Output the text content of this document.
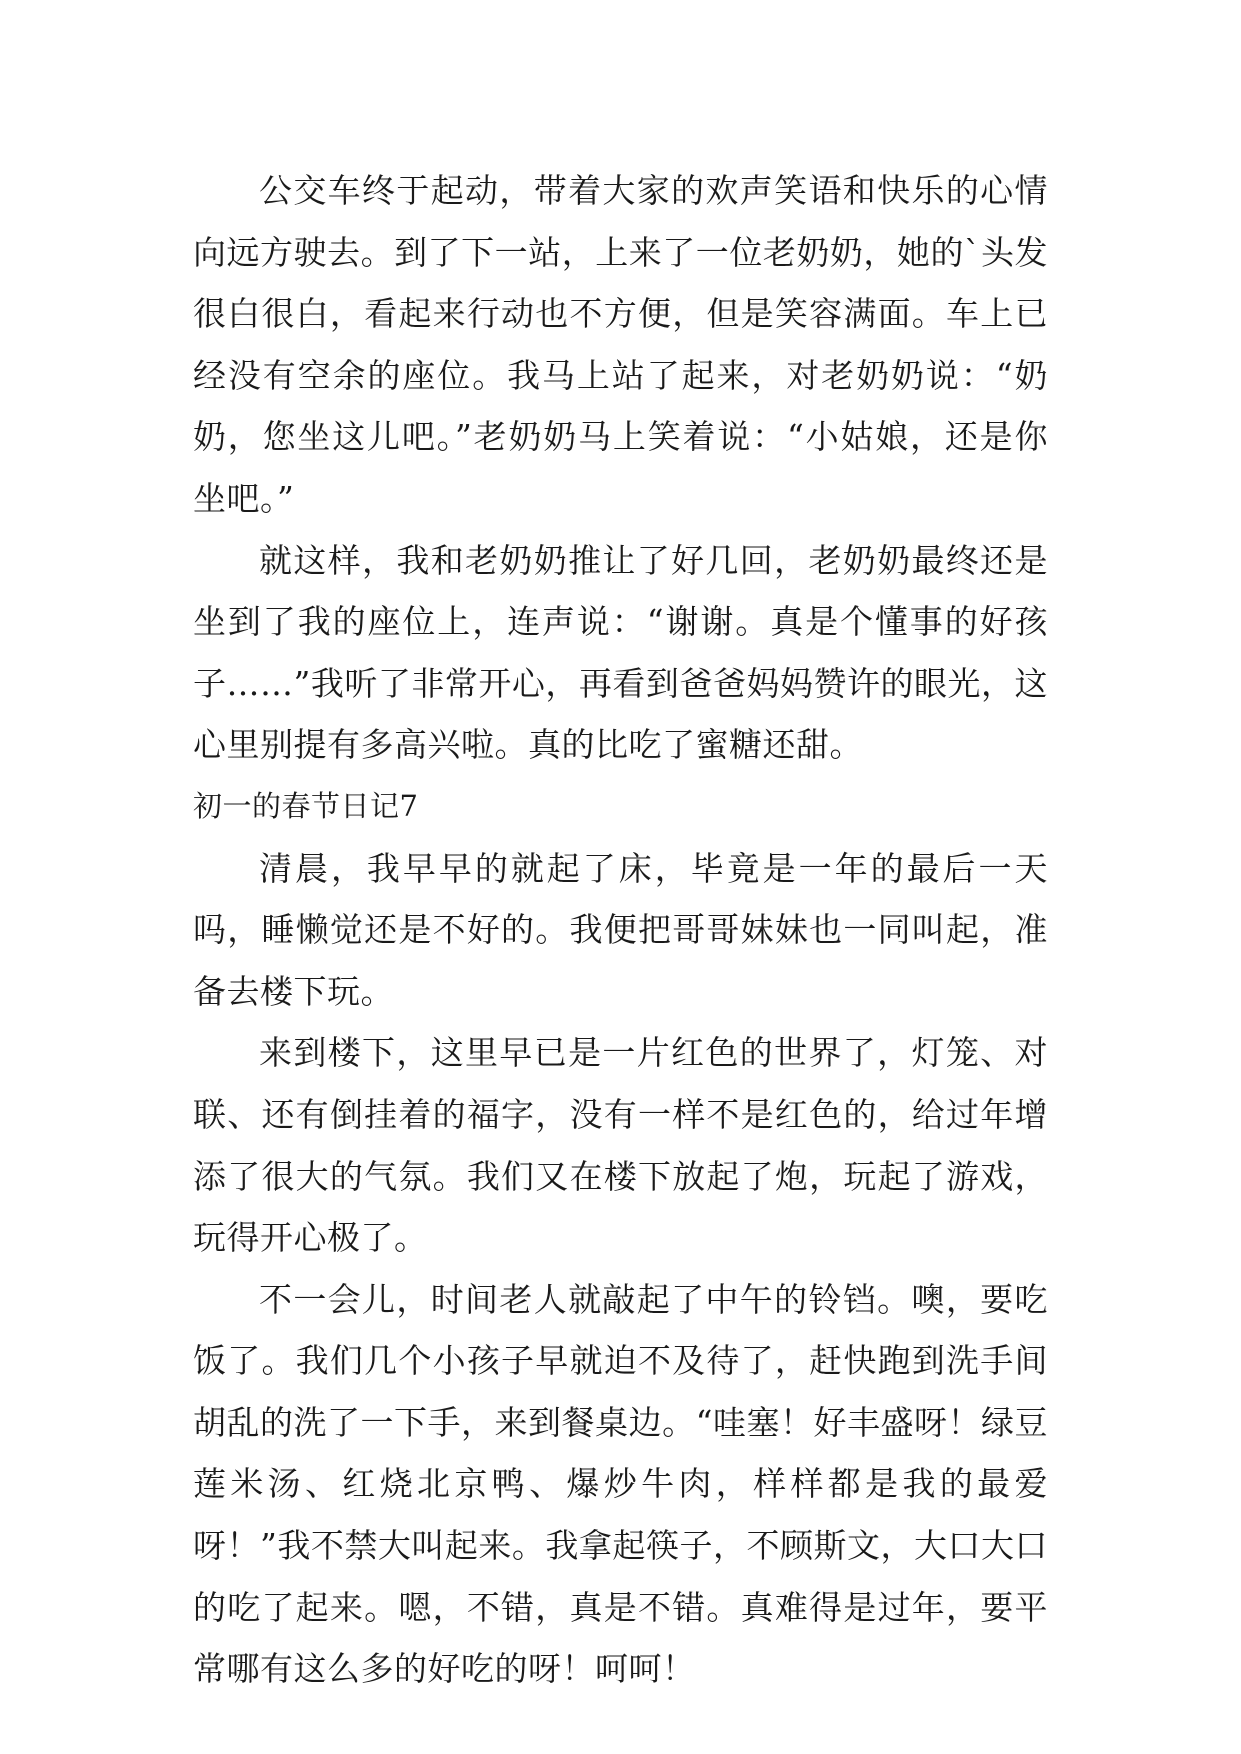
公交车终于起动，带着大家的欢声笑语和快乐的心情向远方驶去。到了下一站，上来了一位老奶奶，她的`头发很白很白，看起来行动也不方便，但是笑容满面。车上已经没有空余的座位。我马上站了起来，对老奶奶说：“奶奶，您坐这儿吧。”老奶奶马上笑着说：“小姑娘，还是你坐吧。”

就这样，我和老奶奶推让了好几回，老奶奶最终还是坐到了我的座位上，连声说：“谢谢。真是个懂事的好孩子……”我听了非常开心，再看到爸爸妈妈赞许的眼光，这心里别提有多高兴啦。真的比吃了蜜糖还甜。

初一的春节日记7

清晨，我早早的就起了床，毕竟是一年的最后一天吗，睡懒觉还是不好的。我便把哥哥妹妹也一同叫起，准备去楼下玩。

来到楼下，这里早已是一片红色的世界了，灯笼、对联、还有倒挂着的福字，没有一样不是红色的，给过年增添了很大的气氛。我们又在楼下放起了炮，玩起了游戏，玩得开心极了。

不一会儿，时间老人就敲起了中午的铃铛。噢，要吃饭了。我们几个小孩子早就迫不及待了，赶快跑到洗手间胡乱的洗了一下手，来到餐桌边。“哇塞！好丰盛呀！绿豆莲米汤、红烧北京鸭、爆炒牛肉，样样都是我的最爱呀！”我不禁大叫起来。我拿起筷子，不顾斯文，大口大口的吃了起来。嗯，不错，真是不错。真难得是过年，要平常哪有这么多的好吃的呀！呵呵！
